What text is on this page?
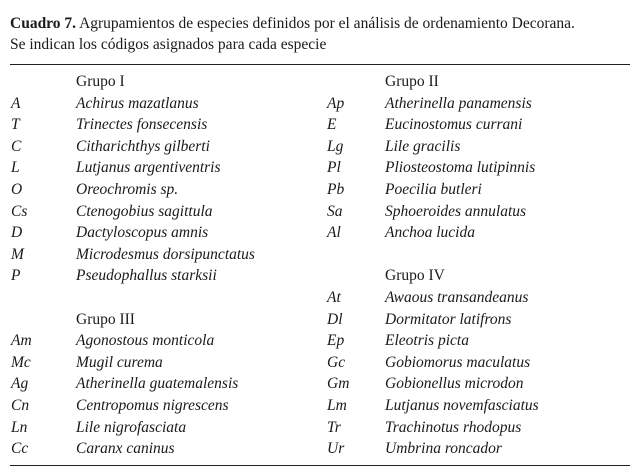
Cuadro 7. Agrupamientos de especies definidos por el análisis de ordenamiento Decorana.
Se indican los códigos asignados para cada especie
Grupo I
A	Achirus mazatlanus
T	Trinectes fonsecensis
C	Citharichthys gilberti
L	Lutjanus argentiventris
O	Oreochromis sp.
Cs	Ctenogobius sagittula
D	Dactyloscopus amnis
M	Microdesmus dorsipunctatus
P	Pseudophallus starksii
Grupo III
Am	Agonostous monticola
Mc	Mugil curema
Ag	Atherinella guatemalensis
Cn	Centropomus nigrescens
Ln	Lile nigrofasciata
Cc	Caranx caninus
Grupo II
Ap	Atherinella panamensis
E	Eucinostomus currani
Lg	Lile gracilis
Pl	Pliosteostoma lutipinnis
Pb	Poecilia butleri
Sa	Sphoeroides annulatus
Al	Anchoa lucida
Grupo IV
At	Awaous transandeanus
Dl	Dormitator latifrons
Ep	Eleotris picta
Gc	Gobiomorus maculatus
Gm Gobionellus microdon
Lm Lutjanus novemfasciatus
Tr	Trachinotus rhodopus
Ur	Umbrina roncador
